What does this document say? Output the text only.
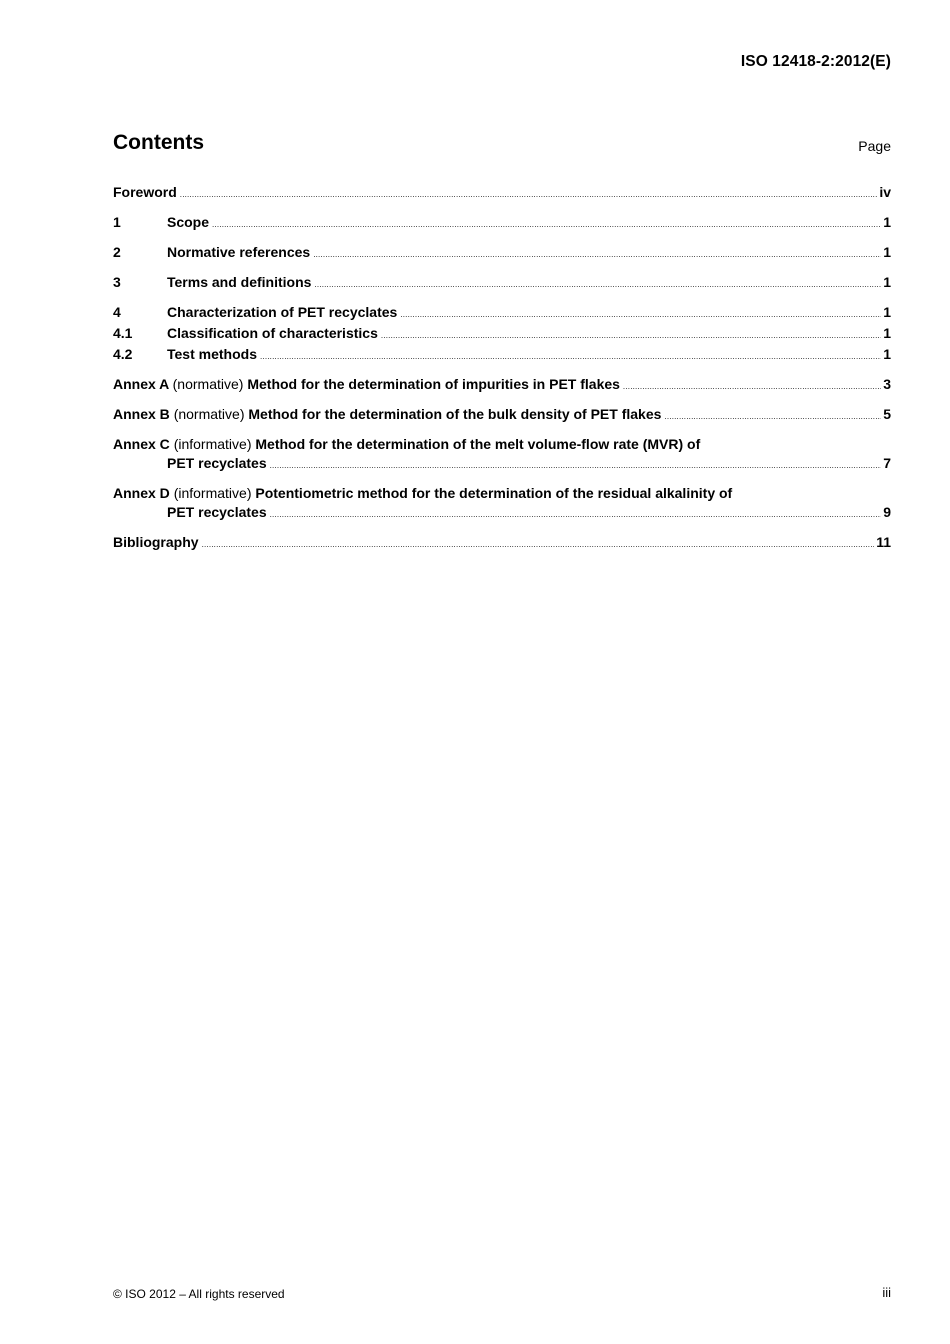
ISO 12418-2:2012(E)
Contents	Page
Foreword .....	iv
1	Scope .....	1
2	Normative references .....	1
3	Terms and definitions .....	1
4	Characterization of PET recyclates .....	1
4.1	Classification of characteristics .....	1
4.2	Test methods .....	1
Annex A (normative) Method for the determination of impurities in PET flakes .....	3
Annex B (normative) Method for the determination of the bulk density of PET flakes .....	5
Annex C (informative) Method for the determination of the melt volume-flow rate (MVR) of
PET recyclates .....	7
Annex D (informative) Potentiometric method for the determination of the residual alkalinity of
PET recyclates .....	9
Bibliography .....	11
© ISO 2012 – All rights reserved	iii
